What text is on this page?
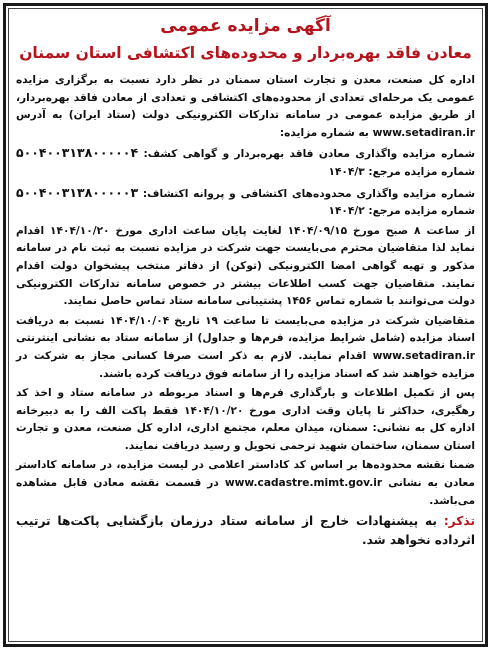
﻿
آگهی مزایده عمومی
معادن فاقد بهره‌بردار و محدوده‌های اکتشافی استان سمنان

اداره کل صنعت، معدن و تجارت استان سمنان در نظر دارد نسبت به برگزاری مزایده عمومی یک مرحله‌ای تعدادی از محدوده‌های اکتشافی و تعدادی از معادن فاقد بهره‌بردار، از طریق مزایده عمومی در سامانه تدارکات الکترونیکی دولت (ستاد ایران) به آدرس www.setadiran.ir به شماره مزایده:

شماره مزایده واگذاری معادن فاقد بهره‌بردار و گواهی کشف: ۵۰۰۴۰۰۳۱۳۸۰۰۰۰۰۴ شماره مزایده مرجع: ۱۴۰۴/۳

شماره مزایده واگذاری محدوده‌های اکتشافی و پروانه اکتشاف: ۵۰۰۴۰۰۳۱۳۸۰۰۰۰۰۳ شماره مزایده مرجع: ۱۴۰۴/۲

از ساعت ۸ صبح مورخ ۱۴۰۴/۰۹/۱۵ لغایت پایان ساعت اداری مورخ ۱۴۰۴/۱۰/۲۰ اقدام نماید لذا متقاضیان محترم می‌بایست جهت شرکت در مزایده نسبت به ثبت نام در سامانه مذکور و تهیه گواهی امضا الکترونیکی (توکن) از دفاتر منتخب پیشخوان دولت اقدام نمایند. متقاضیان جهت کسب اطلاعات بیشتر در خصوص سامانه تدارکات الکترونیکی دولت می‌توانند با شماره تماس ۱۴۵۶ پشتیبانی سامانه ستاد تماس حاصل نمایند.

متقاضیان شرکت در مزایده می‌بایست تا ساعت ۱۹ تاریخ ۱۴۰۴/۱۰/۰۴ نسبت به دریافت اسناد مزایده (شامل شرایط مزایده، فرم‌ها و جداول) از سامانه ستاد به نشانی اینترنتی www.setadiran.ir اقدام نمایند. لازم به ذکر است صرفا کسانی مجاز به شرکت در مزایده خواهند شد که اسناد مزایده را از سامانه فوق دریافت کرده باشند.

پس از تکمیل اطلاعات و بارگذاری فرم‌ها و اسناد مربوطه در سامانه ستاد و اخذ کد رهگیری، حداکثر تا پایان وقت اداری مورخ ۱۴۰۴/۱۰/۲۰ فقط پاکت الف را به دبیرخانه اداره کل به نشانی: سمنان، میدان معلم، مجتمع اداری، اداره کل صنعت، معدن و تجارت استان سمنان، ساختمان شهید ترحمی تحویل و رسید دریافت نمایند.

ضمنا نقشه محدوده‌ها بر اساس کد کاداستر اعلامی در لیست مزایده، در سامانه کاداستر معادن به نشانی www.cadastre.mimt.gov.ir در قسمت نقشه معادن قابل مشاهده می‌باشد.

تذکر: به پیشنهادات خارج از سامانه ستاد درزمان بازگشایی پاکت‌ها ترتیب اثرداده نخواهد شد.
